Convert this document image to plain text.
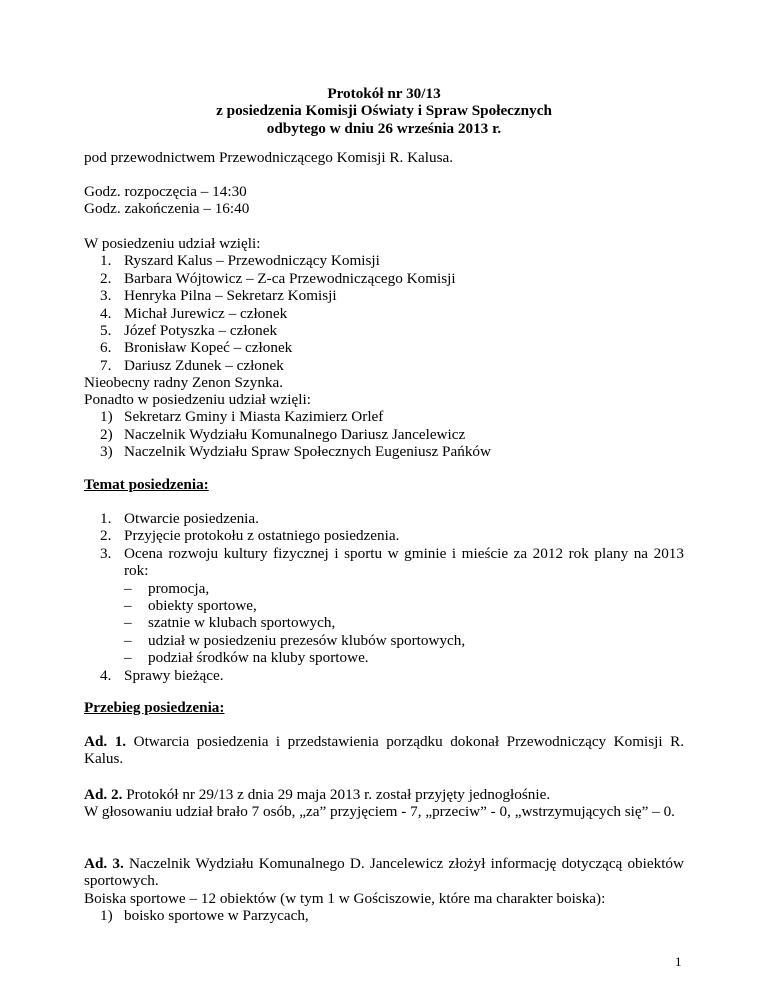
Protokół nr 30/13
z posiedzenia Komisji Oświaty i Spraw Społecznych
odbytego w dniu 26 września 2013 r.

pod przewodnictwem Przewodniczącego Komisji R. Kalusa.

Godz. rozpoczęcia – 14:30
Godz. zakończenia – 16:40
W posiedzeniu udział wzięli:
1. Ryszard Kalus – Przewodniczący Komisji
2. Barbara Wójtowicz – Z-ca Przewodniczącego Komisji
3. Henryka Pilna – Sekretarz Komisji
4. Michał Jurewicz – członek
5. Józef Potyszka – członek
6. Bronisław Kopeć – członek
7. Dariusz Zdunek – członek
Nieobecny radny Zenon Szynka.
Ponadto w posiedzeniu udział wzięli:
1) Sekretarz Gminy i Miasta Kazimierz Orlef
2) Naczelnik Wydziału Komunalnego Dariusz Jancelewicz
3) Naczelnik Wydziału Spraw Społecznych Eugeniusz Pańków
Temat posiedzenia:
1. Otwarcie posiedzenia.
2. Przyjęcie protokołu z ostatniego posiedzenia.
3. Ocena rozwoju kultury fizycznej i sportu w gminie i mieście za 2012 rok plany na 2013 rok:
– promocja,
– obiekty sportowe,
– szatnie w klubach sportowych,
– udział w posiedzeniu prezesów klubów sportowych,
– podział środków na kluby sportowe.
4. Sprawy bieżące.
Przebieg posiedzenia:

Ad. 1. Otwarcia posiedzenia i przedstawienia porządku dokonał Przewodniczący Komisji R. Kalus.

Ad. 2. Protokół nr 29/13 z dnia 29 maja 2013 r. został przyjęty jednogłośnie.
W głosowaniu udział brało 7 osób, „za” przyjęciem - 7, „przeciw” - 0, „wstrzymujących się” – 0.
Ad. 3. Naczelnik Wydziału Komunalnego D. Jancelewicz złożył informację dotyczącą obiektów sportowych.
Boiska sportowe – 12 obiektów (w tym 1 w Gościszowie, które ma charakter boiska):
1) boisko sportowe w Parzycach,
1
